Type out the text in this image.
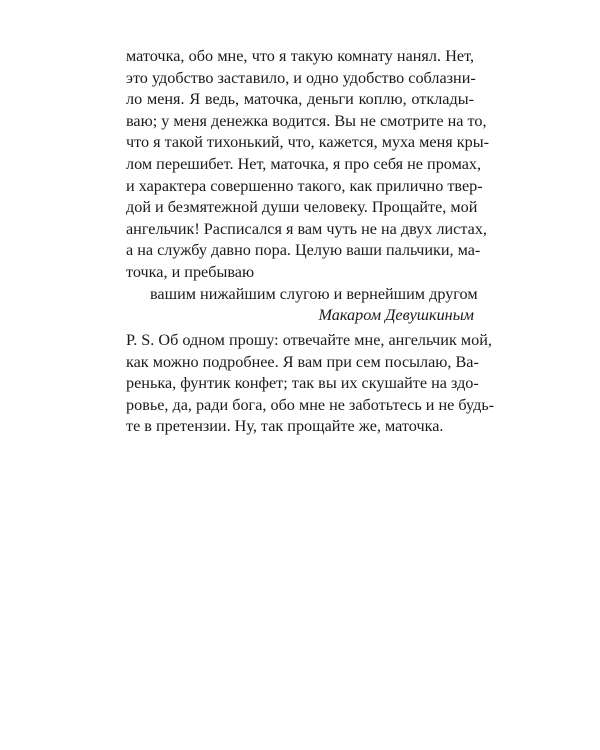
маточка, обо мне, что я такую комнату нанял. Нет,
это удобство заставило, и одно удобство соблазни-
ло меня. Я ведь, маточка, деньги коплю, отклады-
ваю; у меня денежка водится. Вы не смотрите на то,
что я такой тихонький, что, кажется, муха меня кры-
лом перешибет. Нет, маточка, я про себя не промах,
и характера совершенно такого, как прилично твер-
дой и безмятежной души человеку. Прощайте, мой
ангельчик! Расписался я вам чуть не на двух листах,
а на службу давно пора. Целую ваши пальчики, ма-
точка, и пребываю
вашим нижайшим слугою и вернейшим другом
Макаром Девушкиным
P. S. Об одном прошу: отвечайте мне, ангельчик мой,
как можно подробнее. Я вам при сем посылаю, Ва-
ренька, фунтик конфет; так вы их скушайте на здо-
ровье, да, ради бога, обо мне не заботьтесь и не будь-
те в претензии. Ну, так прощайте же, маточка.
